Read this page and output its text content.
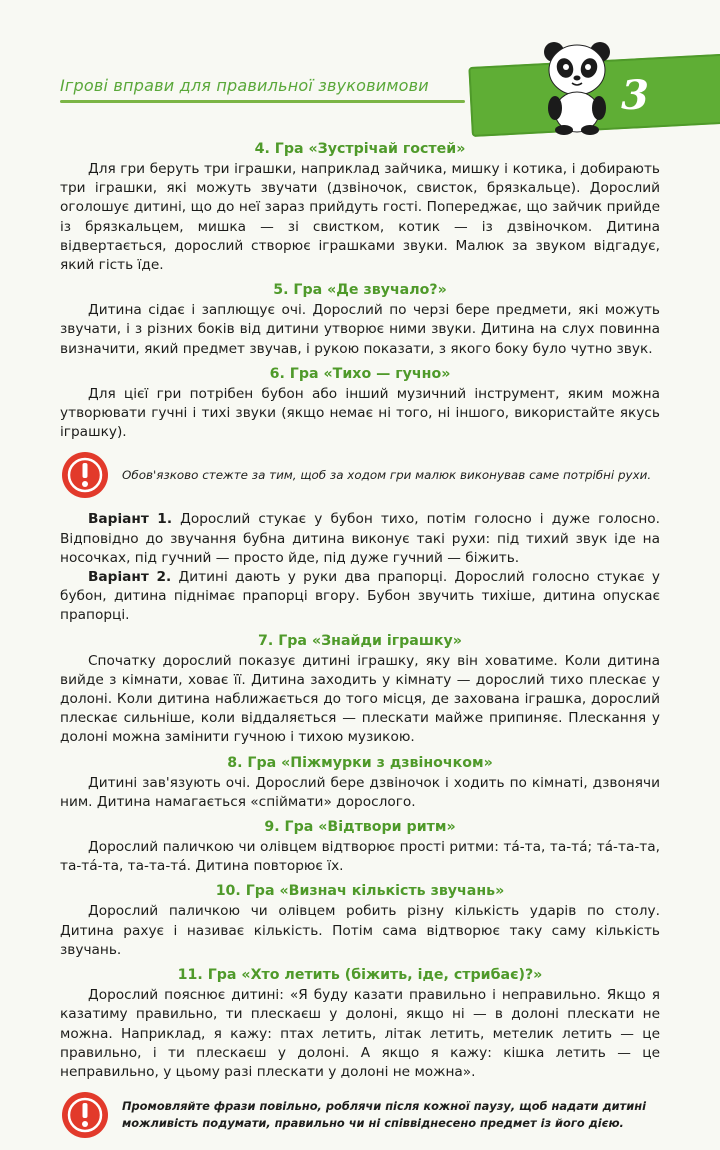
Ігрові вправи для правильної звуковимови	3
4. Гра «Зустрічай гостей»

Для гри беруть три іграшки, наприклад зайчика, мишку і котика, і добирають три іграшки, які можуть звучати (дзвіночок, свисток, брязкальце). Дорослий оголошує дитині, що до неї зараз прийдуть гості. Попереджає, що зайчик прийде із брязкальцем, мишка — зі свистком, котик — із дзвіночком. Дитина відвертається, дорослий створює іграшками звуки. Малюк за звуком відгадує, який гість їде.

5. Гра «Де звучало?»

Дитина сідає і заплющує очі. Дорослий по черзі бере предмети, які можуть звучати, і з різних боків від дитини утворює ними звуки. Дитина на слух повинна визначити, який предмет звучав, і рукою показати, з якого боку було чутно звук.

6. Гра «Тихо — гучно»

Для цієї гри потрібен бубон або інший музичний інструмент, яким можна утворювати гучні і тихі звуки (якщо немає ні того, ні іншого, використайте якусь іграшку).

Обов'язково стежте за тим, щоб за ходом гри малюк виконував саме потрібні рухи.

Варіант 1. Дорослий стукає у бубон тихо, потім голосно і дуже голосно. Відповідно до звучання бубна дитина виконує такі рухи: під тихий звук іде на носочках, під гучний — просто йде, під дуже гучний — біжить.

Варіант 2. Дитині дають у руки два прапорці. Дорослий голосно стукає у бубон, дитина піднімає прапорці вгору. Бубон звучить тихіше, дитина опускає прапорці.

7. Гра «Знайди іграшку»

Спочатку дорослий показує дитині іграшку, яку він ховатиме. Коли дитина вийде з кімнати, ховає її. Дитина заходить у кімнату — дорослий тихо плескає у долоні. Коли дитина наближається до того місця, де захована іграшка, дорослий плескає сильніше, коли віддаляється — плескати майже припиняє. Плескання у долоні можна замінити гучною і тихою музикою.

8. Гра «Піжмурки з дзвіночком»

Дитині зав'язують очі. Дорослий бере дзвіночок і ходить по кімнаті, дзвонячи ним. Дитина намагається «спіймати» дорослого.

9. Гра «Відтвори ритм»

Дорослий паличкою чи олівцем відтворює прості ритми: та́-та, та-та́; та́-та-та, та-та́-та, та-та-та́. Дитина повторює їх.

10. Гра «Визнач кількість звучань»

Дорослий паличкою чи олівцем робить різну кількість ударів по столу. Дитина рахує і називає кількість. Потім сама відтворює таку саму кількість звучань.

11. Гра «Хто летить (біжить, іде, стрибає)?»

Дорослий пояснює дитині: «Я буду казати правильно і неправильно. Якщо я казатиму правильно, ти плескаєш у долоні, якщо ні — в долоні плескати не можна. Наприклад, я кажу: птах летить, літак летить, метелик летить — це правильно, і ти плескаєш у долоні. А якщо я кажу: кішка летить — це неправильно, у цьому разі плескати у долоні не можна».

Промовляйте фрази повільно, роблячи після кожної паузу, щоб надати дитині можливість подумати, правильно чи ні співвіднесено предмет із його дією.
